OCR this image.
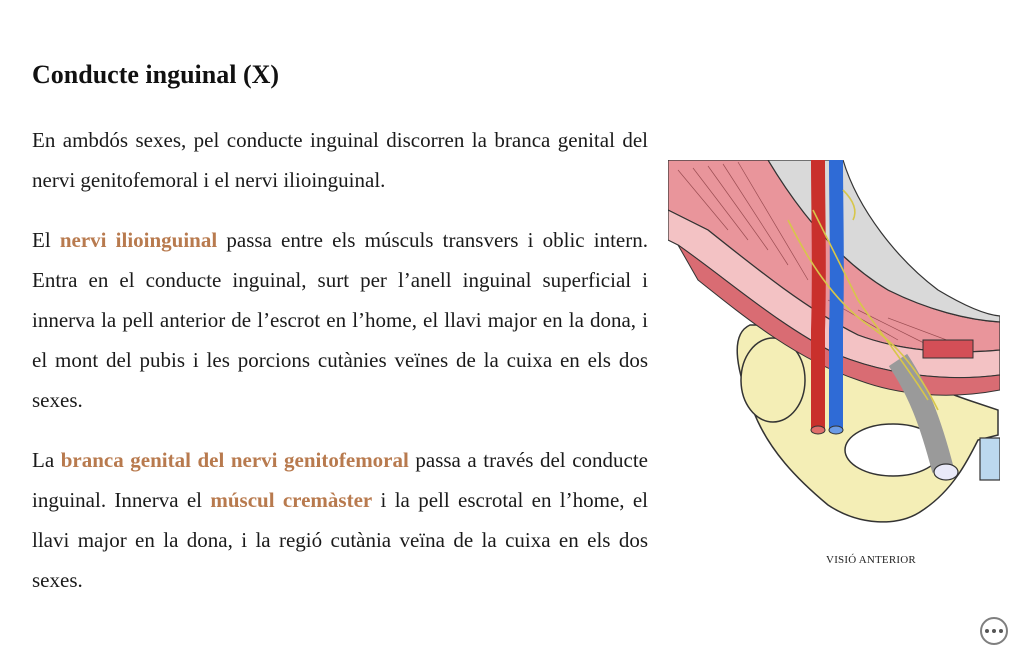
Conducte inguinal (X)

En ambdós sexes, pel conducte inguinal discorren la branca genital del nervi genitofemoral i el nervi ilioinguinal.

El nervi ilioinguinal passa entre els músculs transvers i oblic intern. Entra en el conducte inguinal, surt per l’anell inguinal superficial i innerva la pell anterior de l’escrot en l’home, el llavi major en la dona, i el mont del pubis i les porcions cutànies veïnes de la cuixa en els dos sexes.

La branca genital del nervi genitofemoral passa a través del conducte inguinal. Innerva el múscul cremàster i la pell escrotal en l’home, el llavi major en la dona, i la regió cutània veïna de la cuixa en els dos sexes.

VISIÓ ANTERIOR
